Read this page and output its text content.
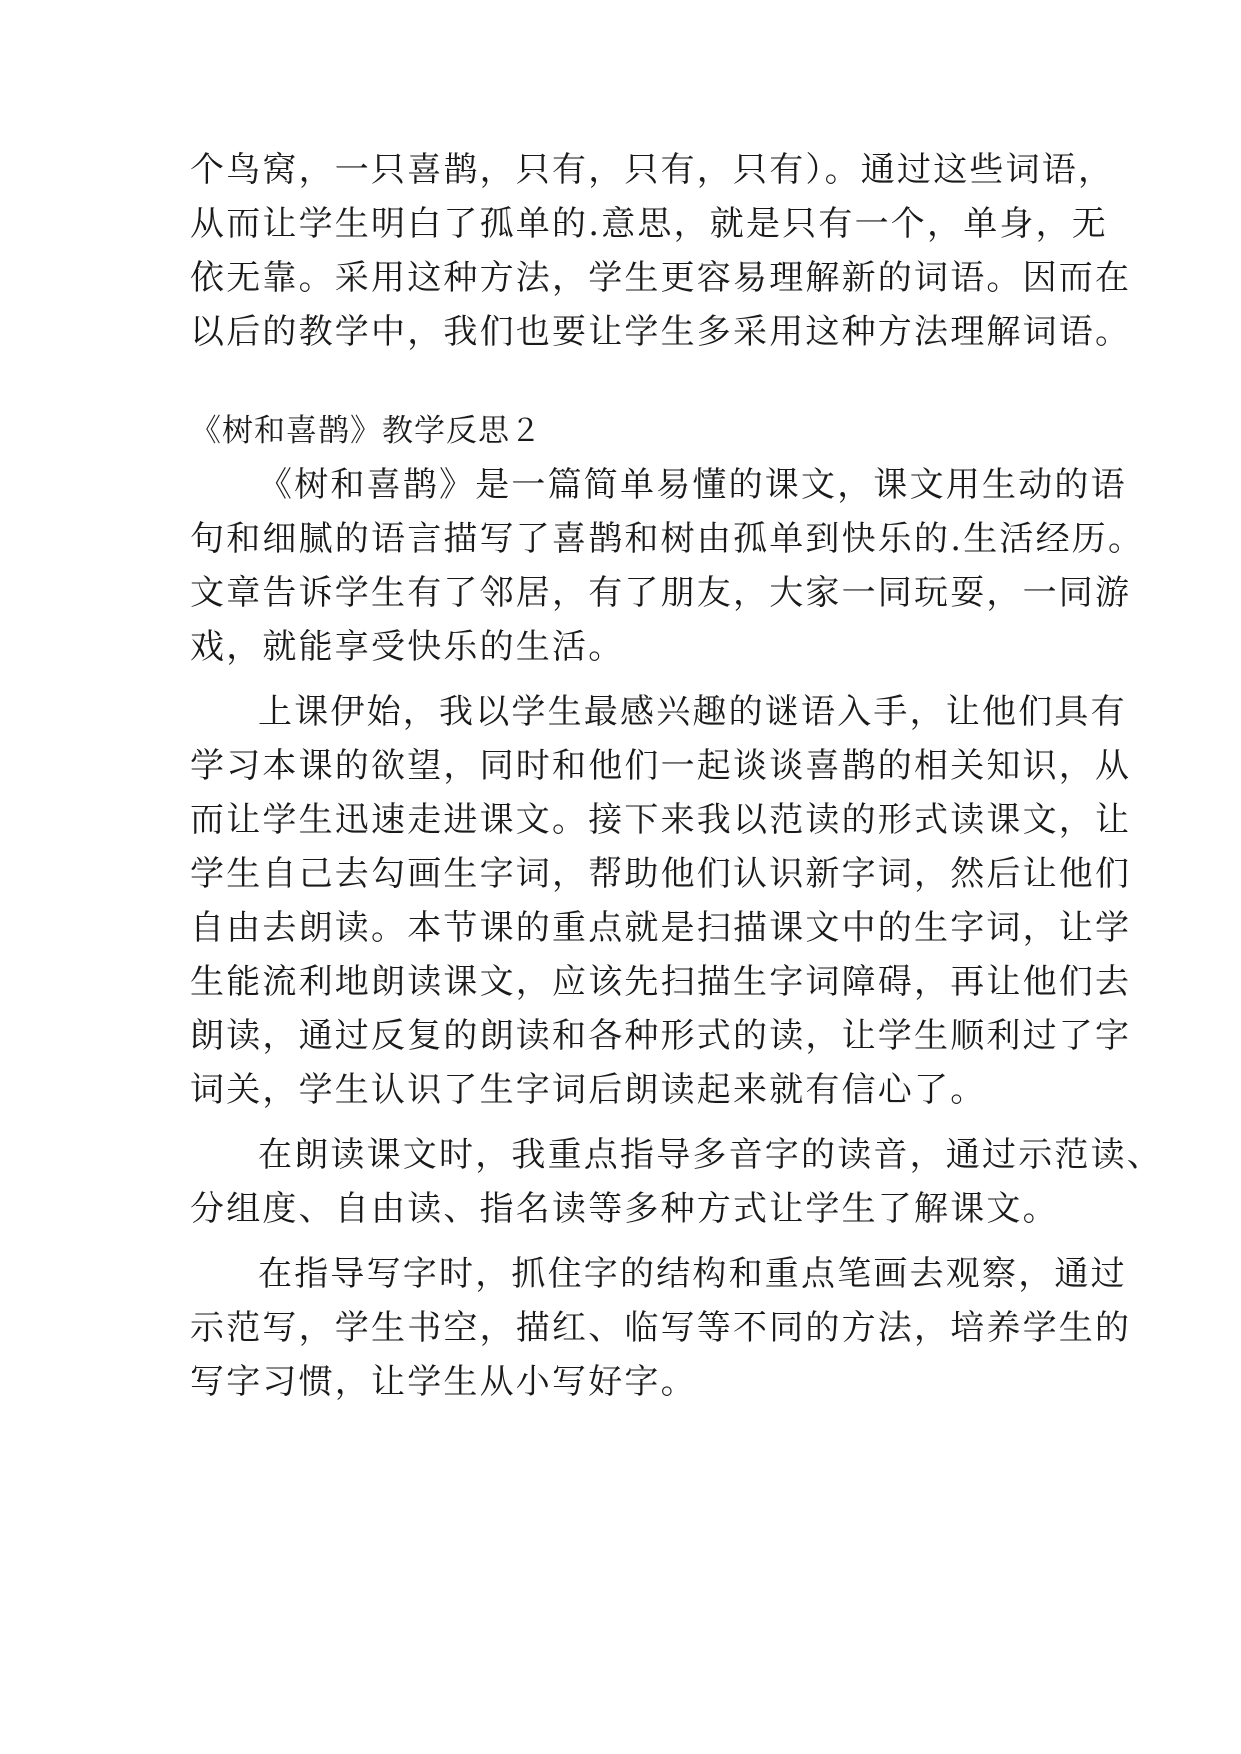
个鸟窝，一只喜鹊，只有，只有，只有）。通过这些词语，
从而让学生明白了孤单的.意思，就是只有一个，单身，无
依无靠。采用这种方法，学生更容易理解新的词语。因而在
以后的教学中，我们也要让学生多采用这种方法理解词语。
《树和喜鹊》教学反思２
《树和喜鹊》是一篇简单易懂的课文，课文用生动的语
句和细腻的语言描写了喜鹊和树由孤单到快乐的.生活经历。
文章告诉学生有了邻居，有了朋友，大家一同玩耍，一同游
戏，就能享受快乐的生活。
上课伊始，我以学生最感兴趣的谜语入手，让他们具有
学习本课的欲望，同时和他们一起谈谈喜鹊的相关知识，从
而让学生迅速走进课文。接下来我以范读的形式读课文，让
学生自己去勾画生字词，帮助他们认识新字词，然后让他们
自由去朗读。本节课的重点就是扫描课文中的生字词，让学
生能流利地朗读课文，应该先扫描生字词障碍，再让他们去
朗读，通过反复的朗读和各种形式的读，让学生顺利过了字
词关，学生认识了生字词后朗读起来就有信心了。
在朗读课文时，我重点指导多音字的读音，通过示范读、
分组度、自由读、指名读等多种方式让学生了解课文。
在指导写字时，抓住字的结构和重点笔画去观察，通过
示范写，学生书空，描红、临写等不同的方法，培养学生的
写字习惯，让学生从小写好字。
